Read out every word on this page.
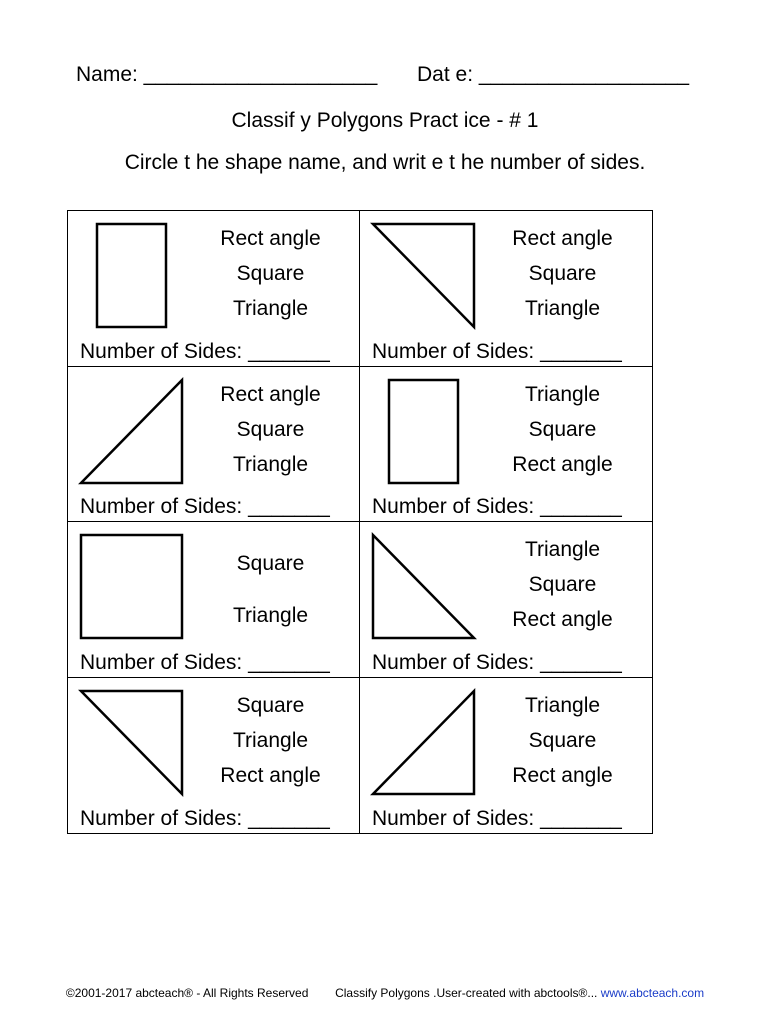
Name: ____________________ Dat e: __________________
Classif y Polygons Pract ice - # 1
Circle t he shape name, and writ e t he number of sides.
Rect angle
Square
Triangle
Number of Sides: _______
Rect angle
Square
Triangle
Number of Sides: _______
Rect angle
Square
Triangle
Number of Sides: _______
Triangle
Square
Rect angle
Number of Sides: _______
Square
Triangle
Number of Sides: _______
Triangle
Square
Rect angle
Number of Sides: _______
Square
Triangle
Rect angle
Number of Sides: _______
Triangle
Square
Rect angle
Number of Sides: _______
©2001-2017 abcteach® - All Rights Reserved Classify Polygons .User-created with abctools®... www.abcteach.com
